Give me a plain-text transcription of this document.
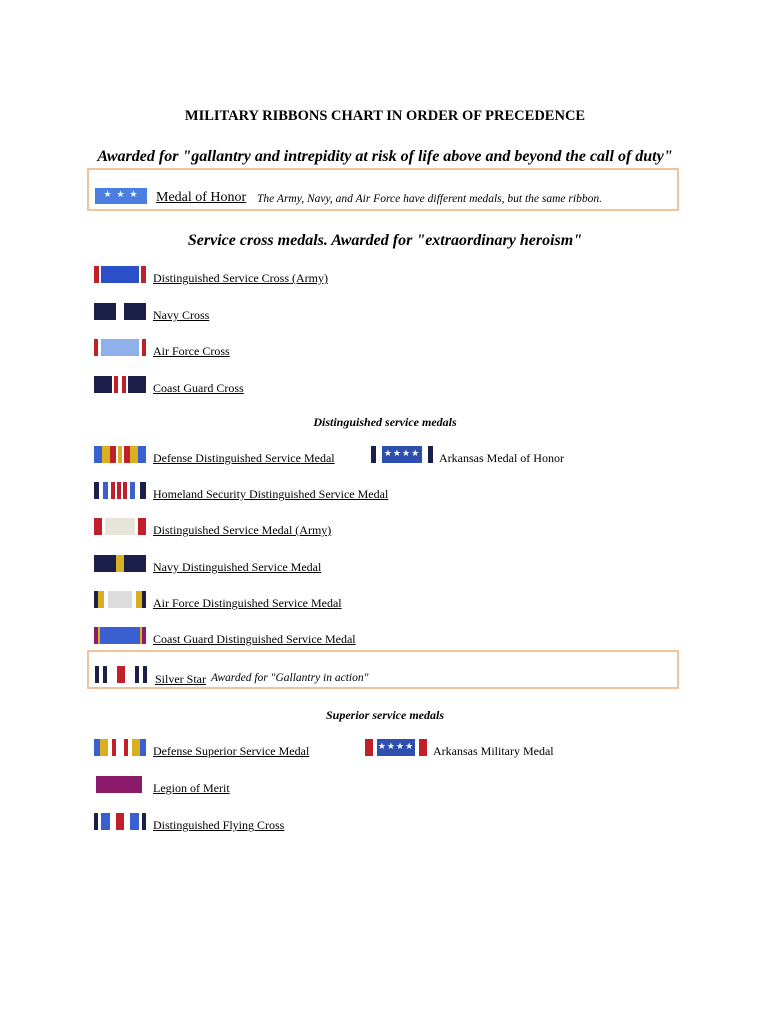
MILITARY RIBBONS CHART IN ORDER OF PRECEDENCE
Awarded for "gallantry and intrepidity at risk of life above and beyond the call of duty"
★ ★ ★	Medal of Honor The Army, Navy, and Air Force have different medals, but the same ribbon.
Service cross medals. Awarded for "extraordinary heroism"
Distinguished Service Cross (Army)
Navy Cross
Air Force Cross
Coast Guard Cross
Distinguished service medals
Defense Distinguished Service Medal	★★★★	Arkansas Medal of Honor
Homeland Security Distinguished Service Medal
Distinguished Service Medal (Army)
Navy Distinguished Service Medal
Air Force Distinguished Service Medal
Coast Guard Distinguished Service Medal
Silver Star Awarded for "Gallantry in action"
Superior service medals
Defense Superior Service Medal	★★★★	Arkansas Military Medal
Legion of Merit
Distinguished Flying Cross
